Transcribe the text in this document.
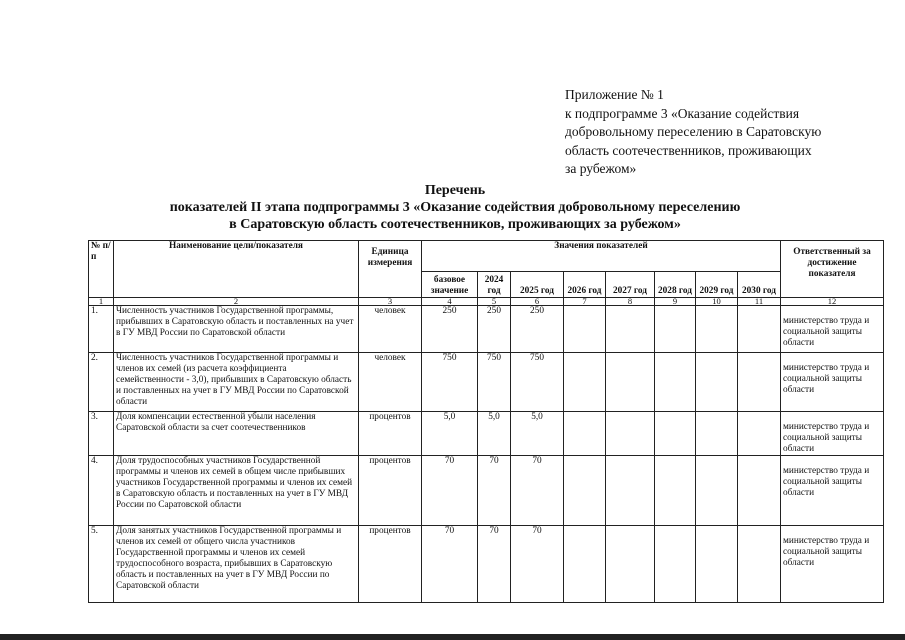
Приложение № 1
к подпрограмме 3 «Оказание содействия
добровольному переселению в Саратовскую
область соотечественников, проживающих
за рубежом»
Перечень
показателей II этапа подпрограммы 3 «Оказание содействия добровольному переселению
в Саратовскую область соотечественников, проживающих за рубежом»
№ п/п	Наименование цели/показателя	Единица измерения	Значения показателей								Ответственный за достижение показателя
			базовое значение	2024 год	2025 год	2026 год	2027 год	2028 год	2029 год	2030 год	
1	2	3	4	5	6	7	8	9	10	11	12
1.	Численность участников Государственной программы, прибывших в Саратовскую область и поставленных на учет в ГУ МВД России по Саратовской области	человек	250	250	250						министерство труда и социальной защиты области
2.	Численность участников Государственной программы и членов их семей (из расчета коэффициента семейственности - 3,0), прибывших в Саратовскую область и поставленных на учет в ГУ МВД России по Саратовской области	человек	750	750	750						министерство труда и социальной защиты области
3.	Доля компенсации естественной убыли населения Саратовской области за счет соотечественников	процентов	5,0	5,0	5,0						министерство труда и социальной защиты области
4.	Доля трудоспособных участников Государственной программы и членов их семей в общем числе прибывших участников Государственной программы и членов их семей в Саратовскую область и поставленных на учет в ГУ МВД России по Саратовской области	процентов	70	70	70						министерство труда и социальной защиты области
5.	Доля занятых участников Государственной программы и членов их семей от общего числа участников Государственной программы и членов их семей трудоспособного возраста, прибывших в Саратовскую область и поставленных на учет в ГУ МВД России по Саратовской области	процентов	70	70	70						министерство труда и социальной защиты области
